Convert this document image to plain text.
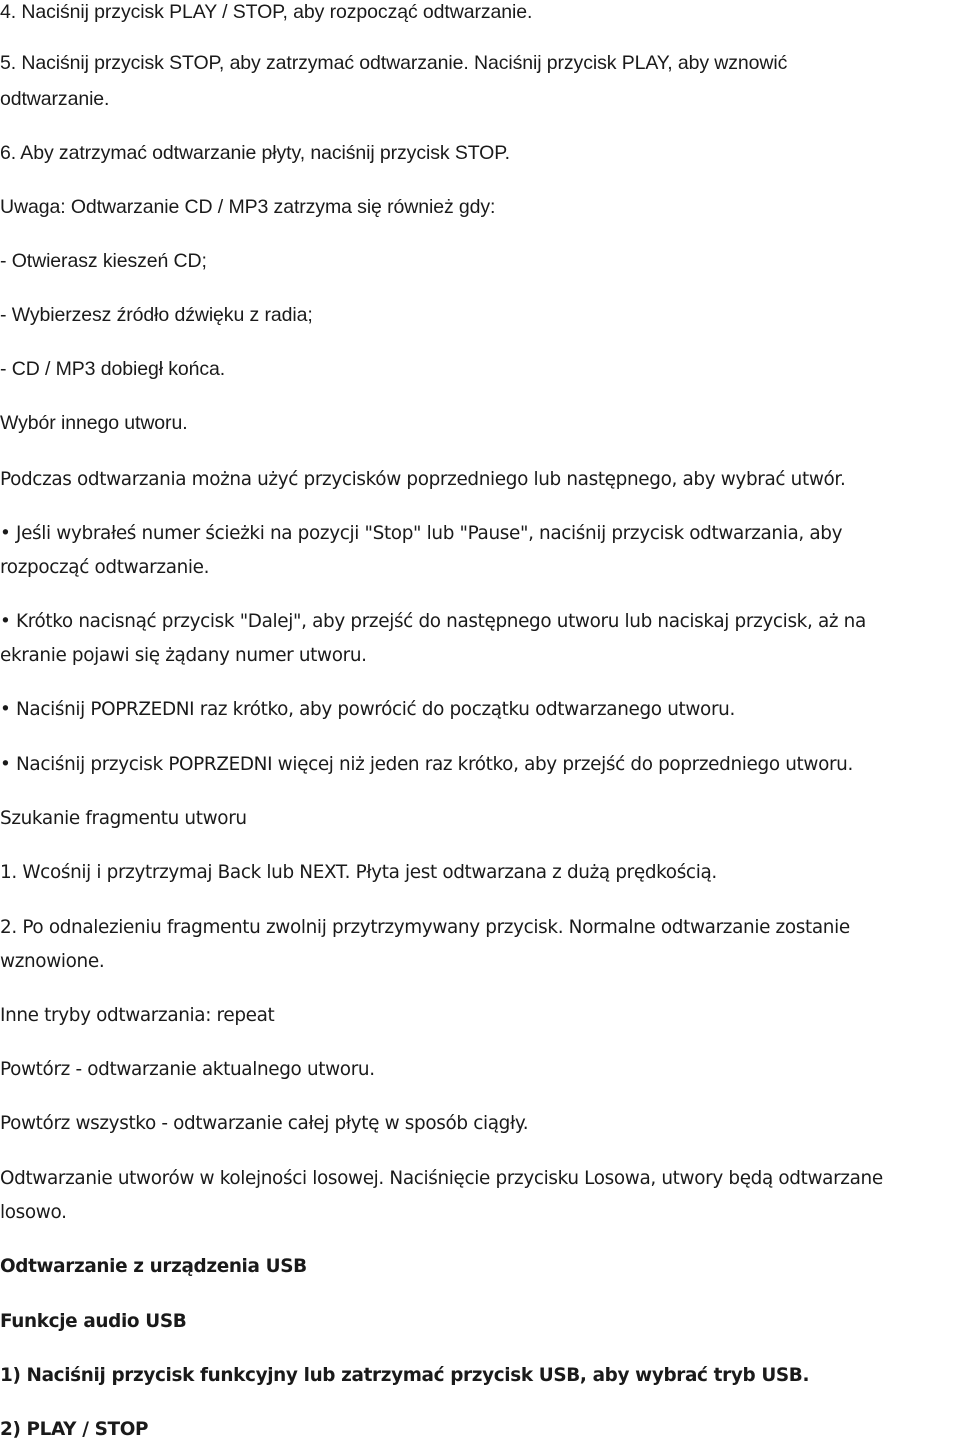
4. Naciśnij przycisk PLAY / STOP, aby rozpocząć odtwarzanie.
5. Naciśnij przycisk STOP, aby zatrzymać odtwarzanie. Naciśnij przycisk PLAY, aby wznowić
odtwarzanie.
6. Aby zatrzymać odtwarzanie płyty, naciśnij przycisk STOP.
Uwaga: Odtwarzanie CD / MP3 zatrzyma się również gdy:
- Otwierasz kieszeń CD;
- Wybierzesz źródło dźwięku z radia;
- CD / MP3 dobiegł końca.
Wybór innego utworu.
Podczas odtwarzania można użyć przycisków poprzedniego lub następnego, aby wybrać utwór.
• Jeśli wybrałeś numer ścieżki na pozycji "Stop" lub "Pause", naciśnij przycisk odtwarzania, aby
rozpocząć odtwarzanie.
• Krótko nacisnąć przycisk "Dalej", aby przejść do następnego utworu lub naciskaj przycisk, aż na
ekranie pojawi się żądany numer utworu.
• Naciśnij POPRZEDNI raz krótko, aby powrócić do początku odtwarzanego utworu.
• Naciśnij przycisk POPRZEDNI więcej niż jeden raz krótko, aby przejść do poprzedniego utworu.
Szukanie fragmentu utworu
1. Wcośnij i przytrzymaj Back lub NEXT. Płyta jest odtwarzana z dużą prędkością.
2. Po odnalezieniu fragmentu zwolnij przytrzymywany przycisk. Normalne odtwarzanie zostanie
wznowione.
Inne tryby odtwarzania: repeat
Powtórz - odtwarzanie aktualnego utworu.
Powtórz wszystko - odtwarzanie całej płytę w sposób ciągły.
Odtwarzanie utworów w kolejności losowej. Naciśnięcie przycisku Losowa, utwory będą odtwarzane
losowo.
Odtwarzanie z urządzenia USB
Funkcje audio USB
1) Naciśnij przycisk funkcyjny lub zatrzymać przycisk USB, aby wybrać tryb USB.
2) PLAY / STOP
